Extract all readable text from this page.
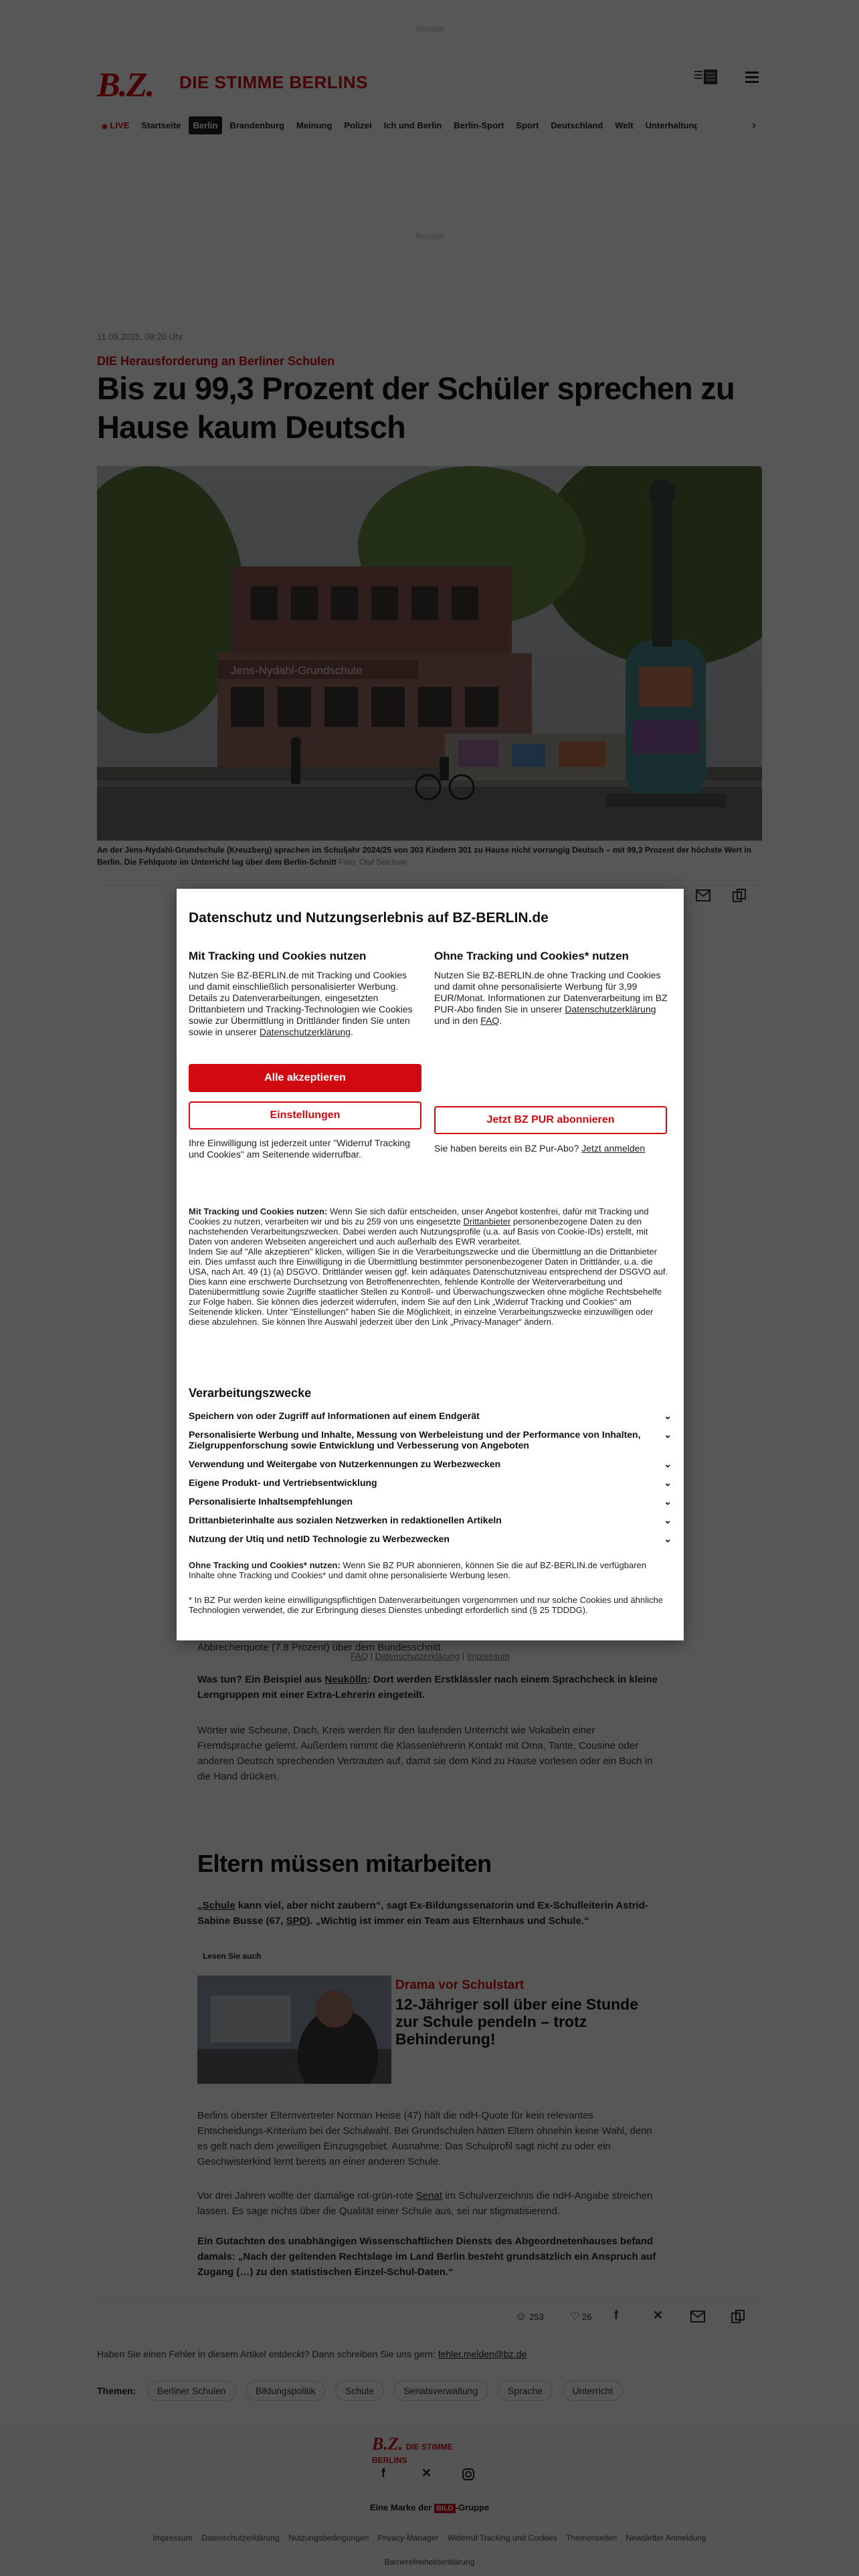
Datenschutz und Nutzungserlebnis auf BZ-BERLIN.de
Mit Tracking und Cookies nutzen

Nutzen Sie BZ-BERLIN.de mit Tracking und Cookies und damit einschließlich personalisierter Werbung. Details zu Datenverarbeitungen, eingesetzten Drittanbietern und Tracking-Technologien wie Cookies sowie zur Übermittlung in Drittländer finden Sie unten sowie in unserer Datenschutzerklärung.

Alle akzeptieren
Einstellungen
Ihre Einwilligung ist jederzeit unter "Widerruf Tracking und Cookies" am Seitenende widerrufbar.
Ohne Tracking und Cookies* nutzen

Nutzen Sie BZ-BERLIN.de ohne Tracking und Cookies und damit ohne personalisierte Werbung für 3,99 EUR/Monat. Informationen zur Datenverarbeitung im BZ PUR-Abo finden Sie in unserer Datenschutzerklärung und in den FAQ.

Jetzt BZ PUR abonnieren
Sie haben bereits ein BZ Pur-Abo? Jetzt anmelden

Mit Tracking und Cookies nutzen: Wenn Sie sich dafür entscheiden, unser Angebot kostenfrei, dafür mit Tracking und Cookies zu nutzen, verarbeiten wir und bis zu 259 von uns eingesetzte Drittanbieter personenbezogene Daten zu den nachstehenden Verarbeitungszwecken. Dabei werden auch Nutzungsprofile (u.a. auf Basis von Cookie-IDs) erstellt, mit Daten von anderen Webseiten angereichert und auch außerhalb des EWR verarbeitet.

Indem Sie auf "Alle akzeptieren" klicken, willigen Sie in die Verarbeitungszwecke und die Übermittlung an die Drittanbieter ein. Dies umfasst auch Ihre Einwilligung in die Übermittlung bestimmter personenbezogener Daten in Drittländer, u.a. die USA, nach Art. 49 (1) (a) DSGVO. Drittländer weisen ggf. kein adäquates Datenschutzniveau entsprechend der DSGVO auf. Dies kann eine erschwerte Durchsetzung von Betroffenenrechten, fehlende Kontrolle der Weiterverarbeitung und Datenübermittlung sowie Zugriffe staatlicher Stellen zu Kontroll- und Überwachungszwecken ohne mögliche Rechtsbehelfe zur Folge haben. Sie können dies jederzeit widerrufen, indem Sie auf den Link „Widerruf Tracking und Cookies“ am Seitenende klicken. Unter "Einstellungen" haben Sie die Möglichkeit, in einzelne Verarbeitungszwecke einzuwilligen oder diese abzulehnen. Sie können Ihre Auswahl jederzeit über den Link „Privacy-Manager“ ändern.

Verarbeitungszwecke
Speichern von oder Zugriff auf Informationen auf einem Endgerät	⌄
Personalisierte Werbung und Inhalte, Messung von Werbeleistung und der Performance von Inhalten, Zielgruppenforschung sowie Entwicklung und Verbesserung von Angeboten
⌄
Verwendung und Weitergabe von Nutzerkennungen zu Werbezwecken	⌄
Eigene Produkt- und Vertriebsentwicklung	⌄
Personalisierte Inhaltsempfehlungen	⌄
Drittanbieterinhalte aus sozialen Netzwerken in redaktionellen Artikeln	⌄
Nutzung der Utiq und netID Technologie zu Werbezwecken	⌄
Ohne Tracking und Cookies* nutzen: Wenn Sie BZ PUR abonnieren, können Sie die auf BZ-BERLIN.de verfügbaren Inhalte ohne Tracking und Cookies* und damit ohne personalisierte Werbung lesen.
* In BZ Pur werden keine einwilligungspflichtigen Datenverarbeitungen vorgenommen und nur solche Cookies und ähnliche Technologien verwendet, die zur Erbringung dieses Dienstes unbedingt erforderlich sind (§ 25 TDDDG).
FAQ | Datenschutzerklärung | Impressum
